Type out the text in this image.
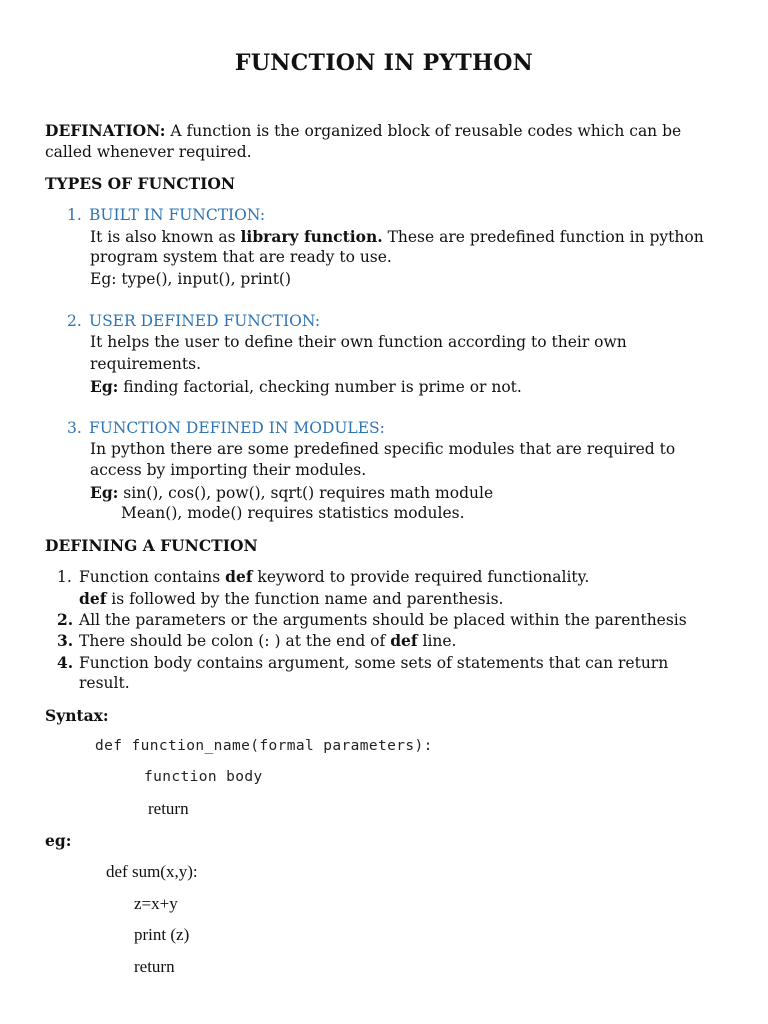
FUNCTION IN PYTHON
DEFINATION: A function is the organized block of reusable codes which can be
called whenever required.
TYPES OF FUNCTION
1. BUILT IN FUNCTION:
It is also known as library function. These are predefined function in python
program system that are ready to use.
Eg: type(), input(), print()
2. USER DEFINED FUNCTION:
It helps the user to define their own function according to their own
requirements.
Eg: finding factorial, checking number is prime or not.
3. FUNCTION DEFINED IN MODULES:
In python there are some predefined specific modules that are required to
access by importing their modules.
Eg: sin(), cos(), pow(), sqrt() requires math module
Mean(), mode() requires statistics modules.
DEFINING A FUNCTION
1. Function contains def keyword to provide required functionality.
def is followed by the function name and parenthesis.
2. All the parameters or the arguments should be placed within the parenthesis
3. There should be colon (: ) at the end of def line.
4. Function body contains argument, some sets of statements that can return
result.
Syntax:
def function_name(formal parameters):
function body
return
eg:
def sum(x,y):
z=x+y
print (z)
return
